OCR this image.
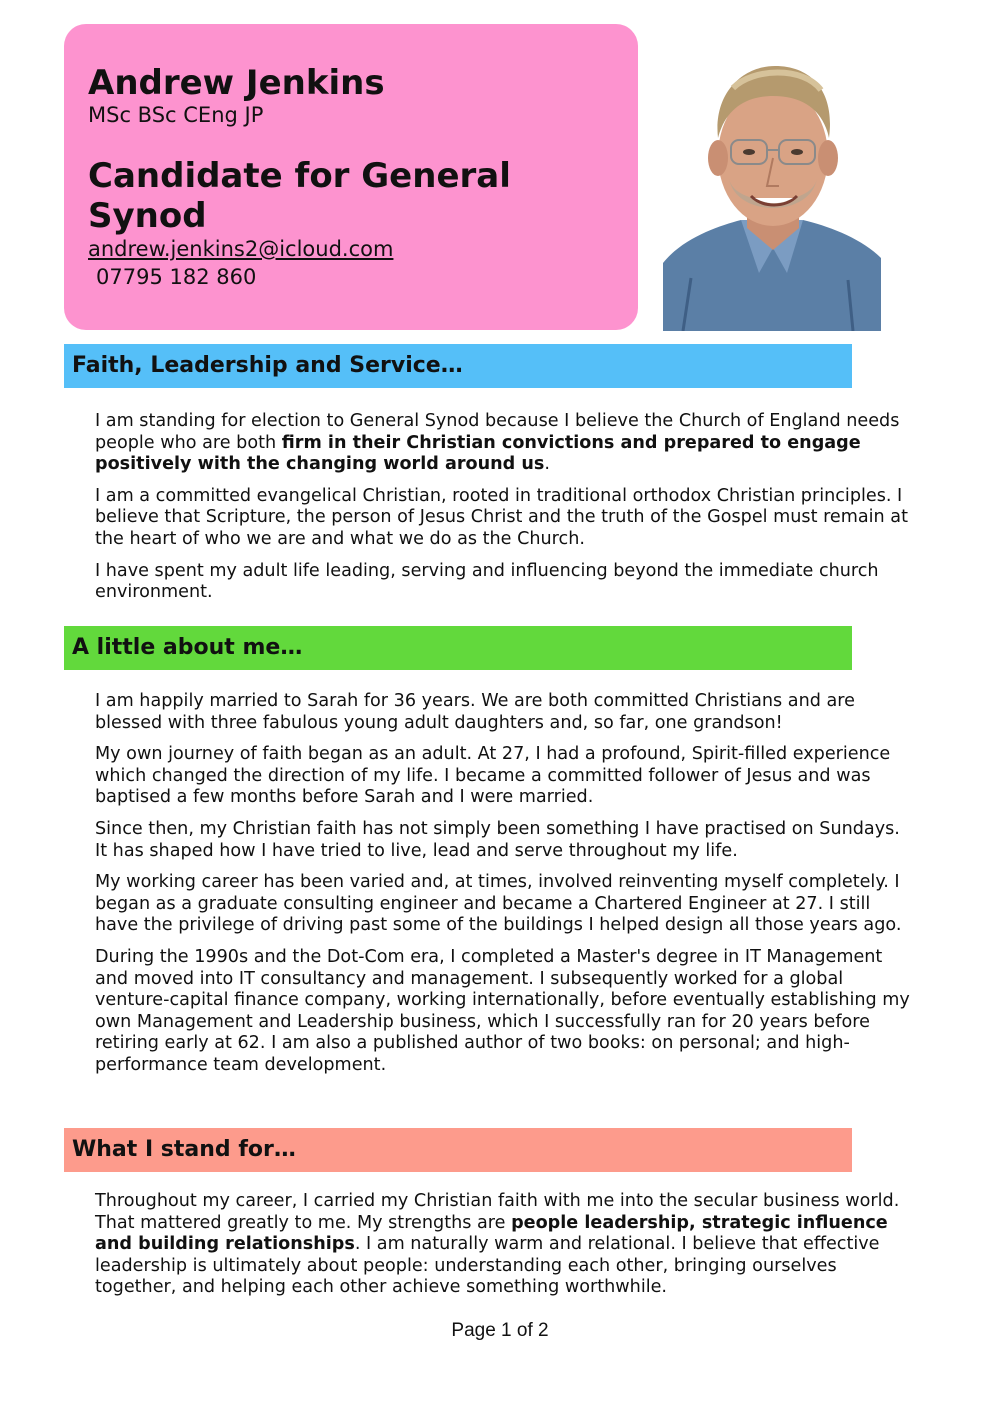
Andrew Jenkins
MSc BSc CEng JP
Candidate for General Synod
andrew.jenkins2@icloud.com
07795 182 860
Faith, Leadership and Service…

I am standing for election to General Synod because I believe the Church of England needs people who are both firm in their Christian convictions and prepared to engage positively with the changing world around us.

I am a committed evangelical Christian, rooted in traditional orthodox Christian principles. I believe that Scripture, the person of Jesus Christ and the truth of the Gospel must remain at the heart of who we are and what we do as the Church.

I have spent my adult life leading, serving and influencing beyond the immediate church environment.

A little about me…

I am happily married to Sarah for 36 years. We are both committed Christians and are blessed with three fabulous young adult daughters and, so far, one grandson!

My own journey of faith began as an adult. At 27, I had a profound, Spirit-filled experience which changed the direction of my life. I became a committed follower of Jesus and was baptised a few months before Sarah and I were married.

Since then, my Christian faith has not simply been something I have practised on Sundays. It has shaped how I have tried to live, lead and serve throughout my life.

My working career has been varied and, at times, involved reinventing myself completely. I began as a graduate consulting engineer and became a Chartered Engineer at 27. I still have the privilege of driving past some of the buildings I helped design all those years ago.

During the 1990s and the Dot-Com era, I completed a Master's degree in IT Management and moved into IT consultancy and management. I subsequently worked for a global venture-capital finance company, working internationally, before eventually establishing my own Management and Leadership business, which I successfully ran for 20 years before retiring early at 62. I am also a published author of two books: on personal; and high-performance team development.

What I stand for…

Throughout my career, I carried my Christian faith with me into the secular business world. That mattered greatly to me. My strengths are people leadership, strategic influence and building relationships. I am naturally warm and relational. I believe that effective leadership is ultimately about people: understanding each other, bringing ourselves together, and helping each other achieve something worthwhile.

Page 1 of 2
